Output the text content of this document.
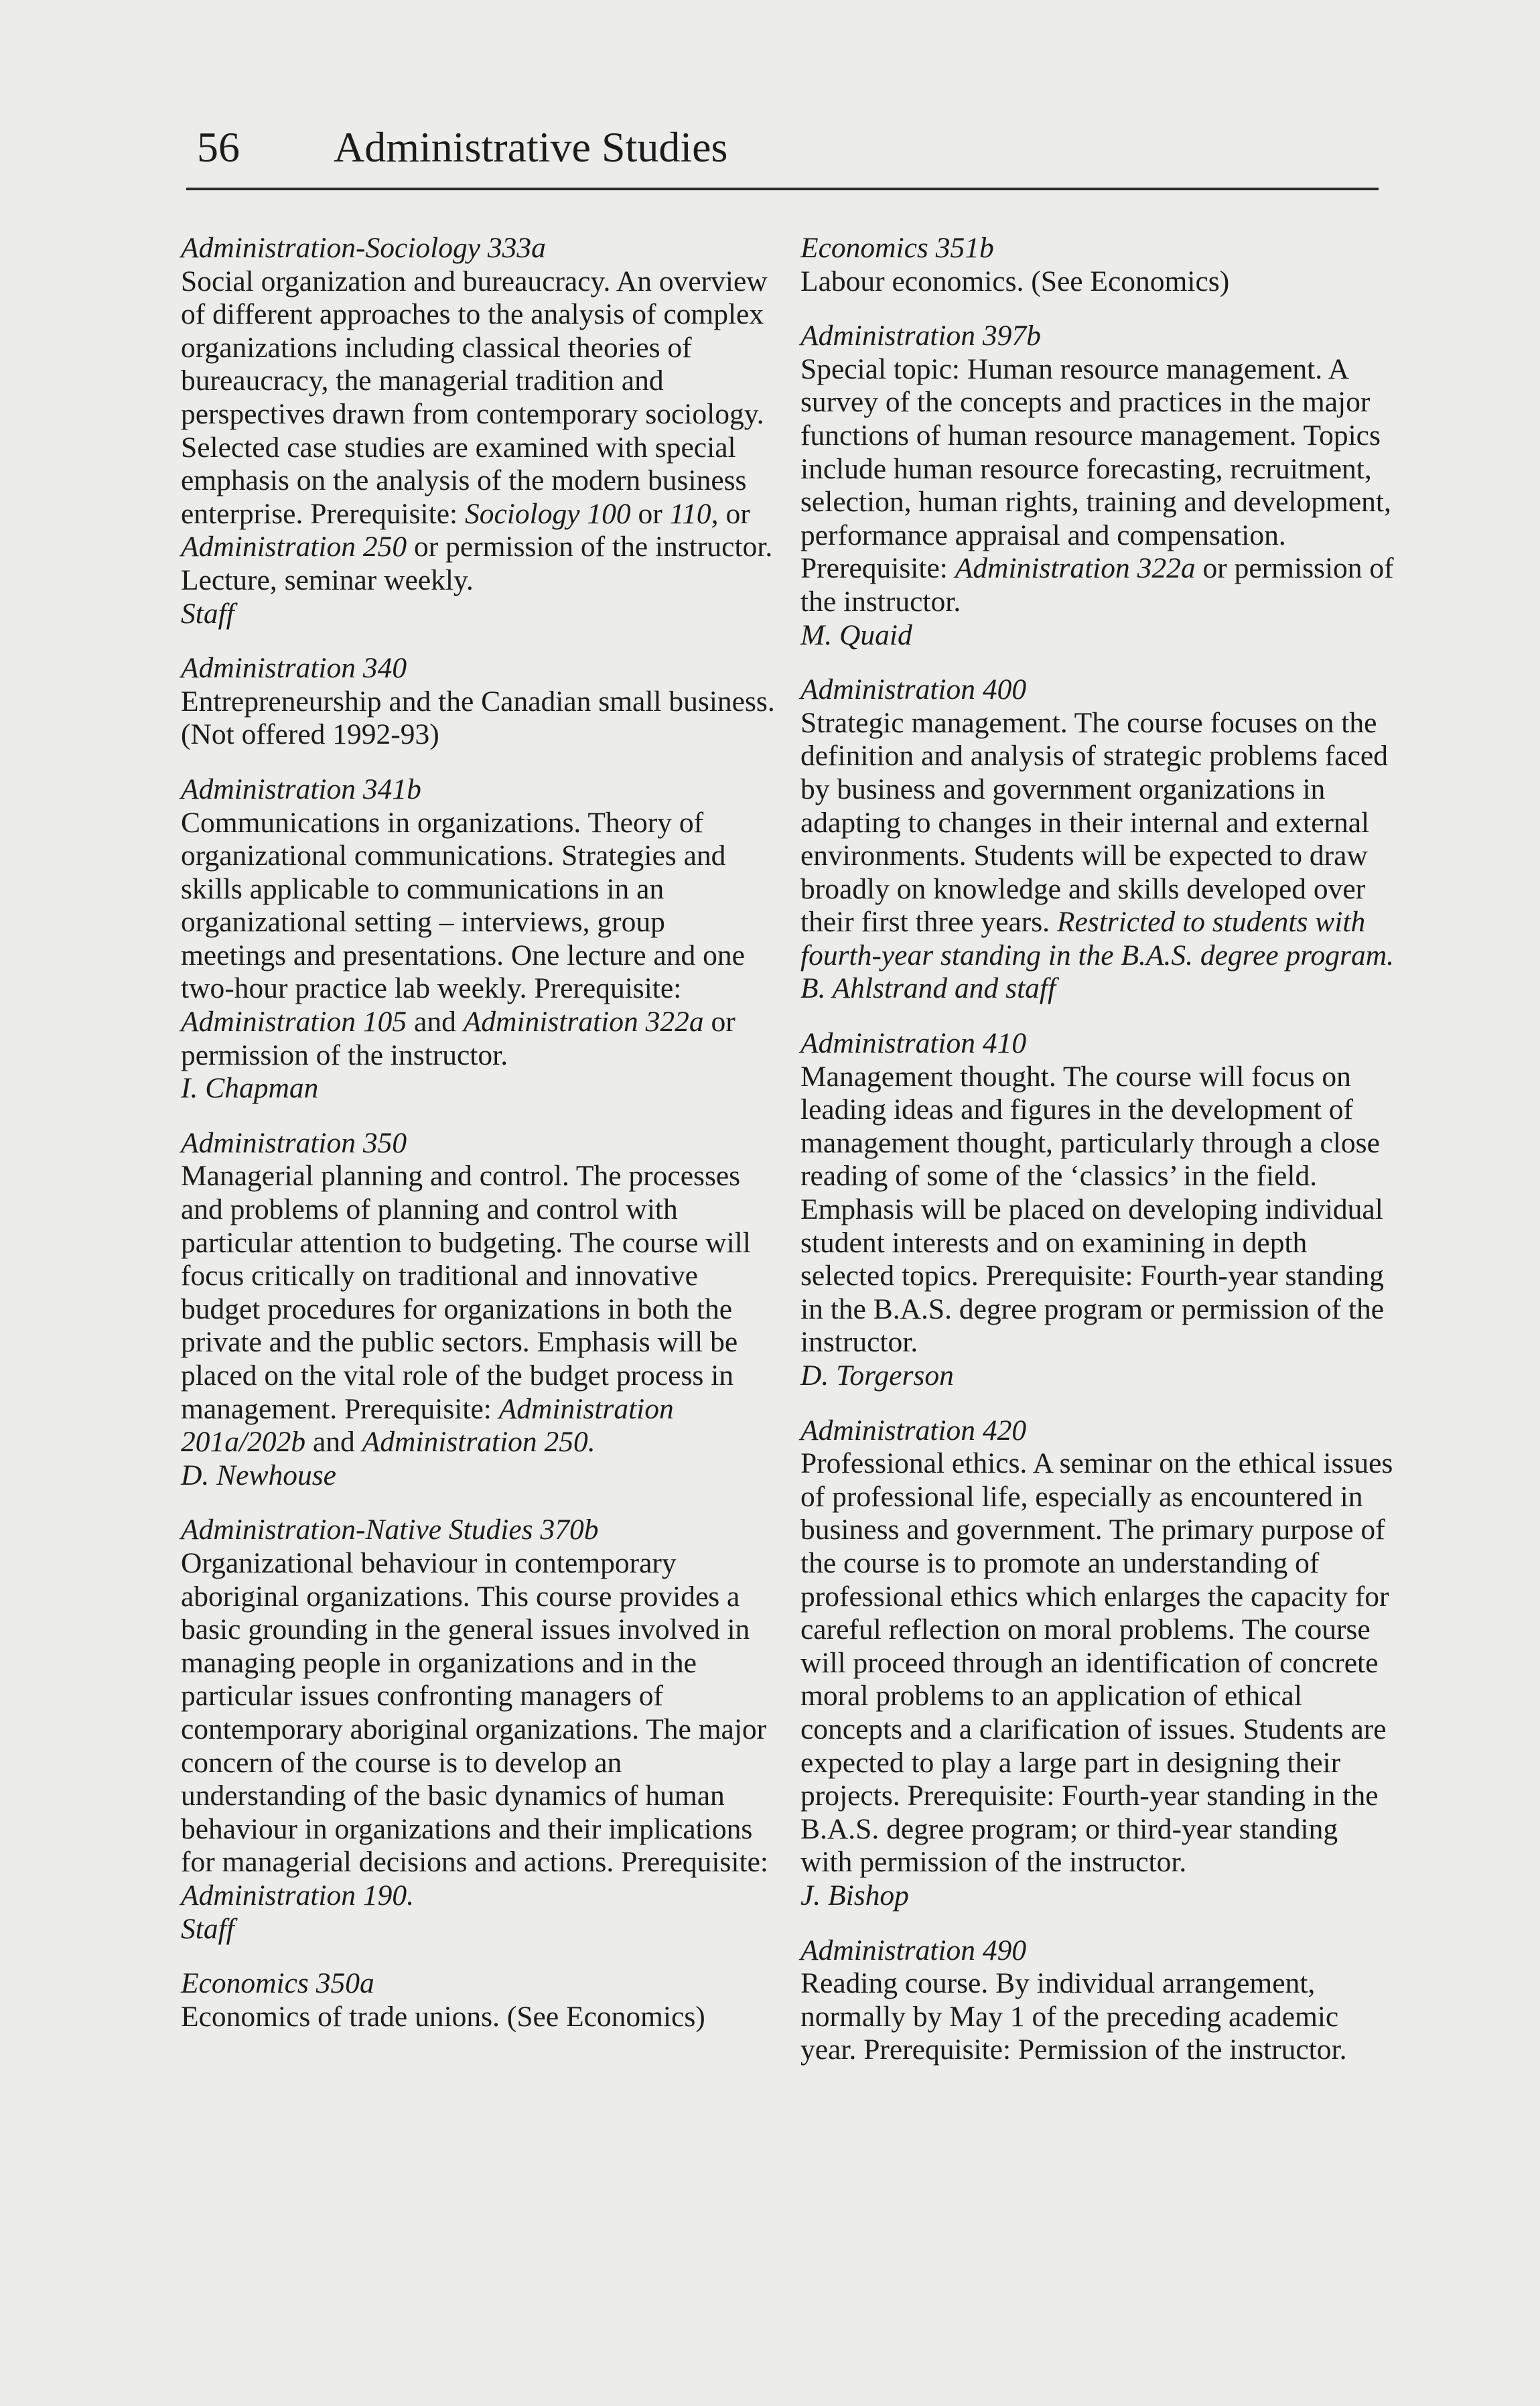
56 Administrative Studies

Administration-Sociology 333a

Social organization and bureaucracy. An overview of different approaches to the analysis of complex organizations including classical theories of bureaucracy, the managerial tradition and perspectives drawn from contemporary sociology. Selected case studies are examined with special emphasis on the analysis of the modern business enterprise. Prerequisite: Sociology 100 or 110, or Administration 250 or permission of the instructor. Lecture, seminar weekly.

Staff

Administration 340

Entrepreneurship and the Canadian small business. (Not offered 1992-93)

Administration 341b

Communications in organizations. Theory of organizational communications. Strategies and skills applicable to communications in an organizational setting – interviews, group meetings and presentations. One lecture and one two-hour practice lab weekly. Prerequisite: Administration 105 and Administration 322a or permission of the instructor.

I. Chapman

Administration 350

Managerial planning and control. The processes and problems of planning and control with particular attention to budgeting. The course will focus critically on traditional and innovative budget procedures for organizations in both the private and the public sectors. Emphasis will be placed on the vital role of the budget process in management. Prerequisite: Administration 201a/202b and Administration 250.

D. Newhouse

Administration-Native Studies 370b

Organizational behaviour in contemporary aboriginal organizations. This course provides a basic grounding in the general issues involved in managing people in organizations and in the particular issues confronting managers of contemporary aboriginal organizations. The major concern of the course is to develop an understanding of the basic dynamics of human behaviour in organizations and their implications for managerial decisions and actions. Prerequisite: Administration 190.

Staff

Economics 350a

Economics of trade unions. (See Economics)

Economics 351b

Labour economics. (See Economics)

Administration 397b

Special topic: Human resource management. A survey of the concepts and practices in the major functions of human resource management. Topics include human resource forecasting, recruitment, selection, human rights, training and development, performance appraisal and compensation. Prerequisite: Administration 322a or permission of the instructor.

M. Quaid

Administration 400

Strategic management. The course focuses on the definition and analysis of strategic problems faced by business and government organizations in adapting to changes in their internal and external environments. Students will be expected to draw broadly on knowledge and skills developed over their first three years. Restricted to students with fourth-year standing in the B.A.S. degree program.

B. Ahlstrand and staff

Administration 410

Management thought. The course will focus on leading ideas and figures in the development of management thought, particularly through a close reading of some of the ‘classics’ in the field. Emphasis will be placed on developing individual student interests and on examining in depth selected topics. Prerequisite: Fourth-year standing in the B.A.S. degree program or permission of the instructor.

D. Torgerson

Administration 420

Professional ethics. A seminar on the ethical issues of professional life, especially as encountered in business and government. The primary purpose of the course is to promote an understanding of professional ethics which enlarges the capacity for careful reflection on moral problems. The course will proceed through an identification of concrete moral problems to an application of ethical concepts and a clarification of issues. Students are expected to play a large part in designing their projects. Prerequisite: Fourth-year standing in the B.A.S. degree program; or third-year standing with permission of the instructor.

J. Bishop

Administration 490

Reading course. By individual arrangement, normally by May 1 of the preceding academic year. Prerequisite: Permission of the instructor.
